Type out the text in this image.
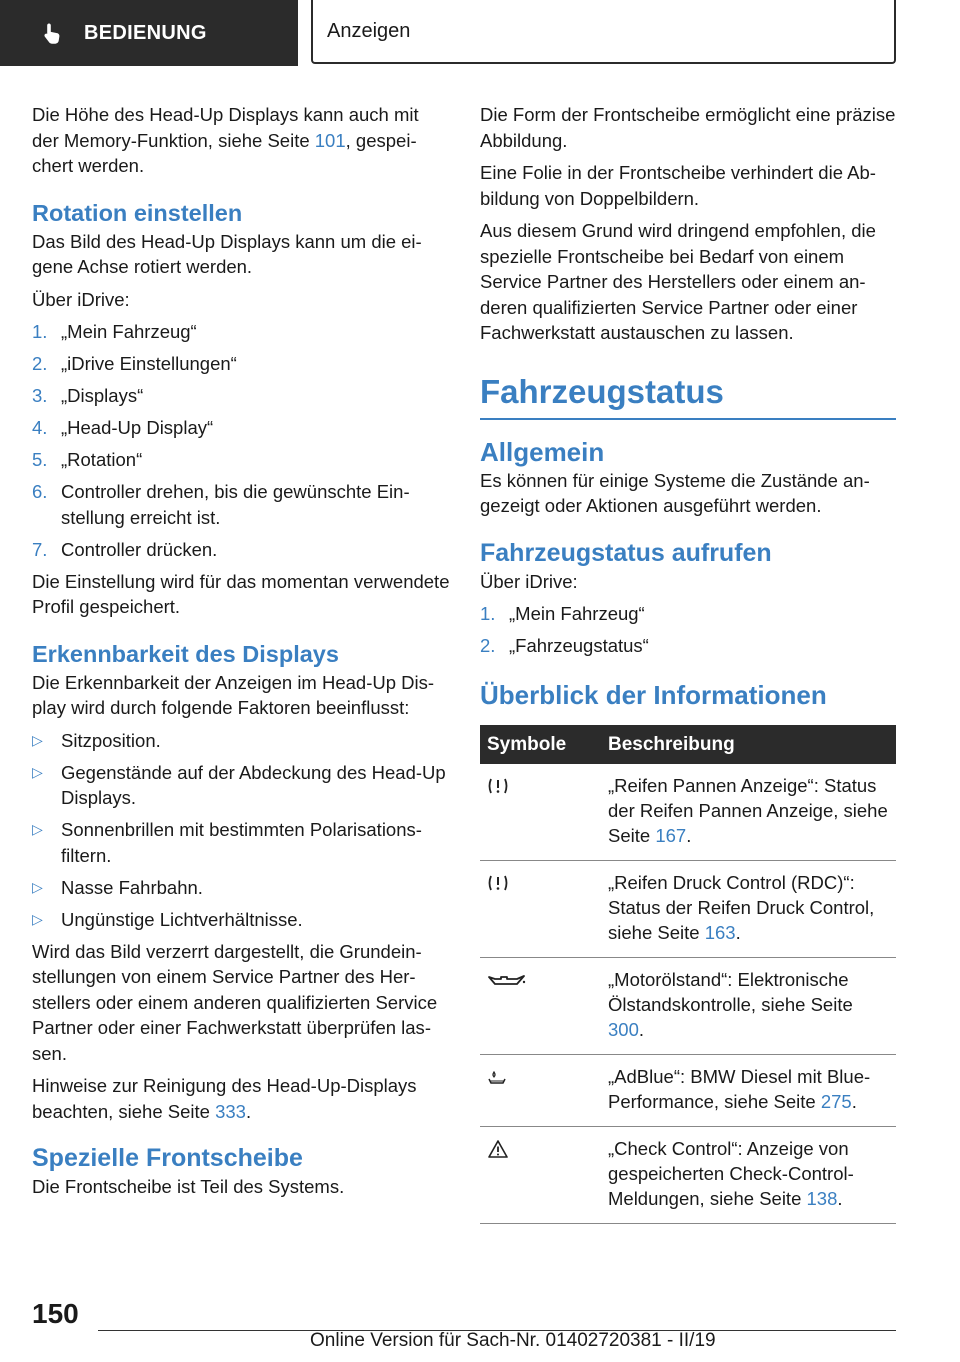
BEDIENUNG	Anzeigen

Die Höhe des Head-Up Displays kann auch mit der Memory-Funktion, siehe Seite 101, gespeichert werden.

Rotation einstellen

Das Bild des Head-Up Displays kann um die eigene Achse rotiert werden.

Über iDrive:

1. „Mein Fahrzeug“
2. „iDrive Einstellungen“
3. „Displays“
4. „Head-Up Display“
5. „Rotation“
6. Controller drehen, bis die gewünschte Einstellung erreicht ist.
7. Controller drücken.

Die Einstellung wird für das momentan verwendete Profil gespeichert.

Erkennbarkeit des Displays

Die Erkennbarkeit der Anzeigen im Head-Up Display wird durch folgende Faktoren beeinflusst:

▷ Sitzposition.
▷ Gegenstände auf der Abdeckung des Head-Up Displays.
▷ Sonnenbrillen mit bestimmten Polarisationsfiltern.
▷ Nasse Fahrbahn.
▷ Ungünstige Lichtverhältnisse.

Wird das Bild verzerrt dargestellt, die Grundeinstellungen von einem Service Partner des Herstellers oder einem anderen qualifizierten Service Partner oder einer Fachwerkstatt überprüfen lassen.

Hinweise zur Reinigung des Head-Up-Displays beachten, siehe Seite 333.

Spezielle Frontscheibe

Die Frontscheibe ist Teil des Systems.

Die Form der Frontscheibe ermöglicht eine präzise Abbildung.

Eine Folie in der Frontscheibe verhindert die Abbildung von Doppelbildern.

Aus diesem Grund wird dringend empfohlen, die spezielle Frontscheibe bei Bedarf von einem Service Partner des Herstellers oder einem anderen qualifizierten Service Partner oder einer Fachwerkstatt austauschen zu lassen.

Fahrzeugstatus
Allgemein

Es können für einige Systeme die Zustände angezeigt oder Aktionen ausgeführt werden.

Fahrzeugstatus aufrufen

Über iDrive:

1. „Mein Fahrzeug“
2. „Fahrzeugstatus“
Überblick der Informationen
Symbole	Beschreibung
	„Reifen Pannen Anzeige“: Status der Reifen Pannen Anzeige, siehe Seite 167.
	„Reifen Druck Control (RDC)“: Status der Reifen Druck Control, siehe Seite 163.
	„Motorölstand“: Elektronische Ölstandskontrolle, siehe Seite 300.
	„AdBlue“: BMW Diesel mit BluePerformance, siehe Seite 275.
	„Check Control“: Anzeige von gespeicherten Check-Control-Meldungen, siehe Seite 138.
150
Online Version für Sach-Nr. 01402720381 - II/19
